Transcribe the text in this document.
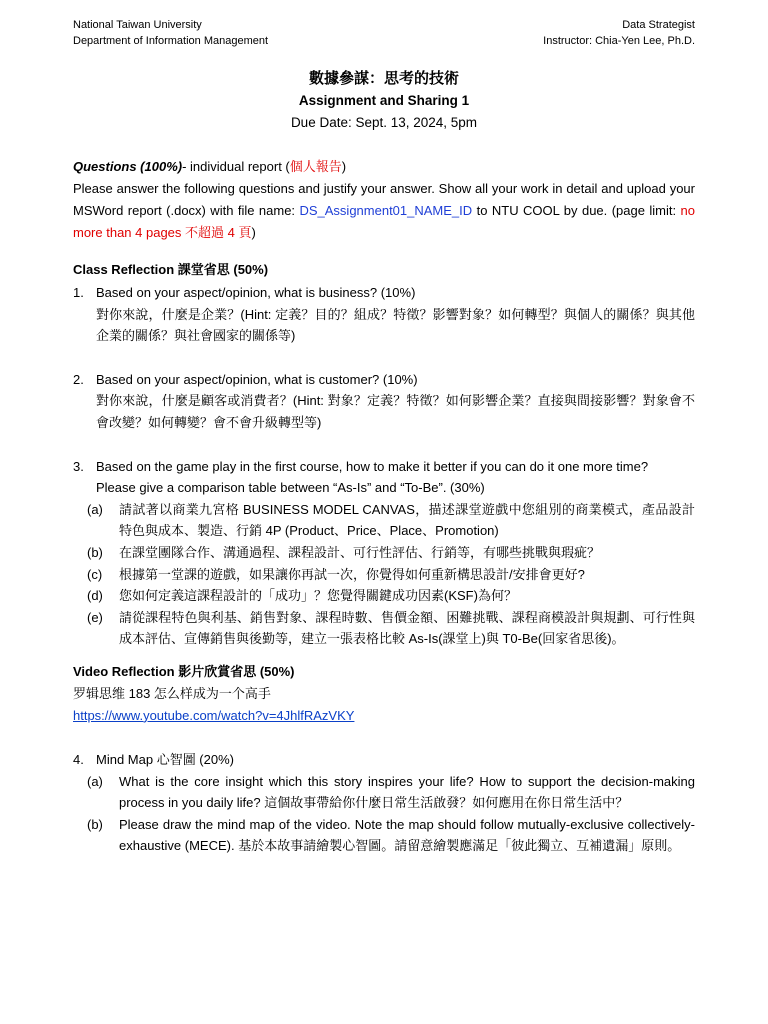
National Taiwan University
Department of Information Management
Data Strategist
Instructor: Chia-Yen Lee, Ph.D.
數據參謀：思考的技術
Assignment and Sharing 1
Due Date: Sept. 13, 2024, 5pm
Questions (100%)- individual report (個人報告)
Please answer the following questions and justify your answer. Show all your work in detail and upload your MSWord report (.docx) with file name: DS_Assignment01_NAME_ID to NTU COOL by due. (page limit: no more than 4 pages 不超過 4 頁)
Class Reflection 課堂省思 (50%)
1. Based on your aspect/opinion, what is business? (10%)
對你來說，什麼是企業？(Hint: 定義？目的？組成？特徵？影響對象？如何轉型？與個人的關係？與其他企業的關係？與社會國家的關係等)
2. Based on your aspect/opinion, what is customer? (10%)
對你來說，什麼是顧客或消費者？(Hint: 對象？定義？特徵？如何影響企業？直接與間接影響？對象會不會改變？如何轉變？會不會升級轉型等)
3. Based on the game play in the first course, how to make it better if you can do it one more time? Please give a comparison table between “As-Is” and “To-Be”. (30%)
(a) 請試著以商業九宮格 BUSINESS MODEL CANVAS，描述課堂遊戲中您組別的商業模式，產品設計特色與成本、製造、行銷 4P (Product、Price、Place、Promotion)
(b) 在課堂團隊合作、溝通過程、課程設計、可行性評估、行銷等，有哪些挑戰與瑕疵？
(c) 根據第一堂課的遊戲，如果讓你再試一次，你覺得如何重新構思設計/安排會更好?
(d) 您如何定義這課程設計的「成功」？您覺得關鍵成功因素(KSF)為何？
(e) 請從課程特色與利基、銷售對象、課程時數、售價金額、困難挑戰、課程商模設計與規劃、可行性與成本評估、宣傳銷售與後勤等，建立一張表格比較 As-Is(課堂上)與 T0-Be(回家省思後)。
Video Reflection 影片欣賞省思 (50%)
罗辑思维 183 怎么样成为一个高手
https://www.youtube.com/watch?v=4JhlfRAzVKY
4. Mind Map 心智圖 (20%)
(a) What is the core insight which this story inspires your life? How to support the decision-making process in you daily life? 這個故事帶給你什麼日常生活啟發？如何應用在你日常生活中？
(b) Please draw the mind map of the video. Note the map should follow mutually-exclusive collectively-exhaustive (MECE). 基於本故事請繪製心智圖。請留意繪製應滿足「彼此獨立、互補遺漏」原則。
